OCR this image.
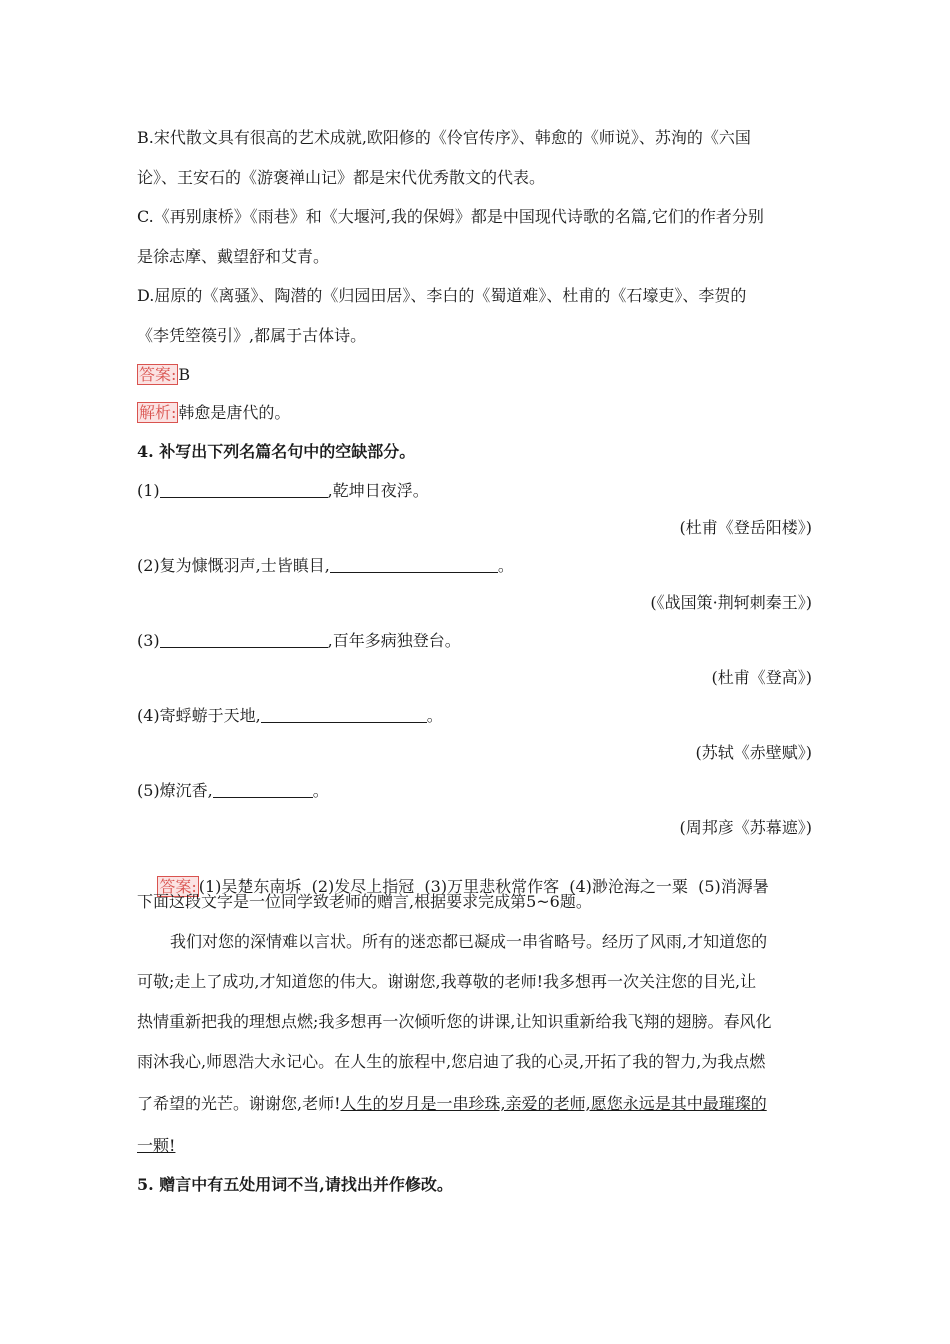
B.宋代散文具有很高的艺术成就,欧阳修的《伶官传序》、韩愈的《师说》、苏洵的《六国
论》、王安石的《游褒禅山记》都是宋代优秀散文的代表。
C.《再别康桥》《雨巷》和《大堰河,我的保姆》都是中国现代诗歌的名篇,它们的作者分别
是徐志摩、戴望舒和艾青。
D.屈原的《离骚》、陶潜的《归园田居》、李白的《蜀道难》、杜甫的《石壕吏》、李贺的
《李凭箜篌引》,都属于古体诗。
答案: B
解析: 韩愈是唐代的。
4. 补写出下列名篇名句中的空缺部分。
(1)	,乾坤日夜浮。
(杜甫《登岳阳楼》)
(2)复为慷慨羽声,士皆瞋目,	。
(《战国策·荆轲刺秦王》)
(3)	,百年多病独登台。
(杜甫《登高》)
(4)寄蜉蝣于天地,	。
(苏轼《赤壁赋》)
(5)燎沉香,	。
(周邦彦《苏幕遮》)

答案: (1)吴楚东南坼  (2)发尽上指冠  (3)万里悲秋常作客  (4)渺沧海之一粟  (5)消溽暑

下面这段文字是一位同学致老师的赠言,根据要求完成第5~6题。
我们对您的深情难以言状。所有的迷恋都已凝成一串省略号。经历了风雨,才知道您的
可敬;走上了成功,才知道您的伟大。谢谢您,我尊敬的老师!我多想再一次关注您的目光,让
热情重新把我的理想点燃;我多想再一次倾听您的讲课,让知识重新给我飞翔的翅膀。春风化
雨沐我心,师恩浩大永记心。在人生的旅程中,您启迪了我的心灵,开拓了我的智力,为我点燃
了希望的光芒。谢谢您,老师!人生的岁月是一串珍珠,亲爱的老师,愿您永远是其中最璀璨的
一颗!
5. 赠言中有五处用词不当,请找出并作修改。
